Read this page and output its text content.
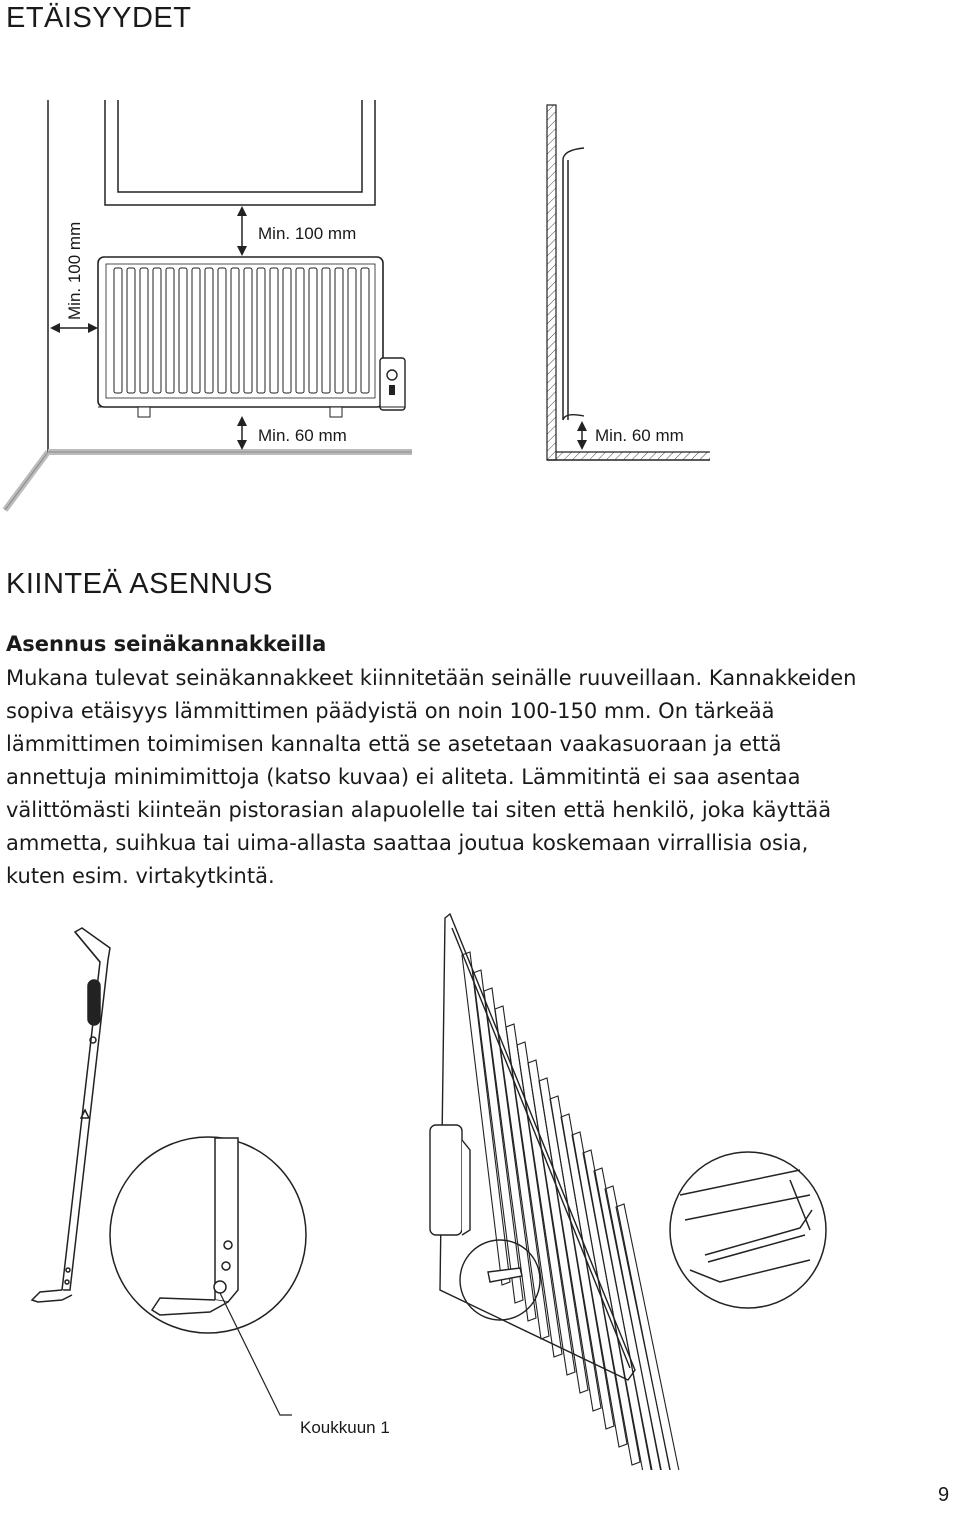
ETÄISYYDET
Min. 100 mm	Min. 100 mm
Min. 60 mm	Min. 60 mm
KIINTEÄ ASENNUS
Asennus seinäkannakkeilla
Mukana tulevat seinäkannakkeet kiinnitetään seinälle ruuveillaan. Kannakkeiden
sopiva etäisyys lämmittimen päädyistä on noin 100-150 mm. On tärkeää
lämmittimen toimimisen kannalta että se asetetaan vaakasuoraan ja että
annettuja minimimittoja (katso kuvaa) ei aliteta. Lämmitintä ei saa asentaa
välittömästi kiinteän pistorasian alapuolelle tai siten että henkilö, joka käyttää
ammetta, suihkua tai uima-allasta saattaa joutua koskemaan virrallisia osia,
kuten esim. virtakytkintä.
Koukkuun 1
9
